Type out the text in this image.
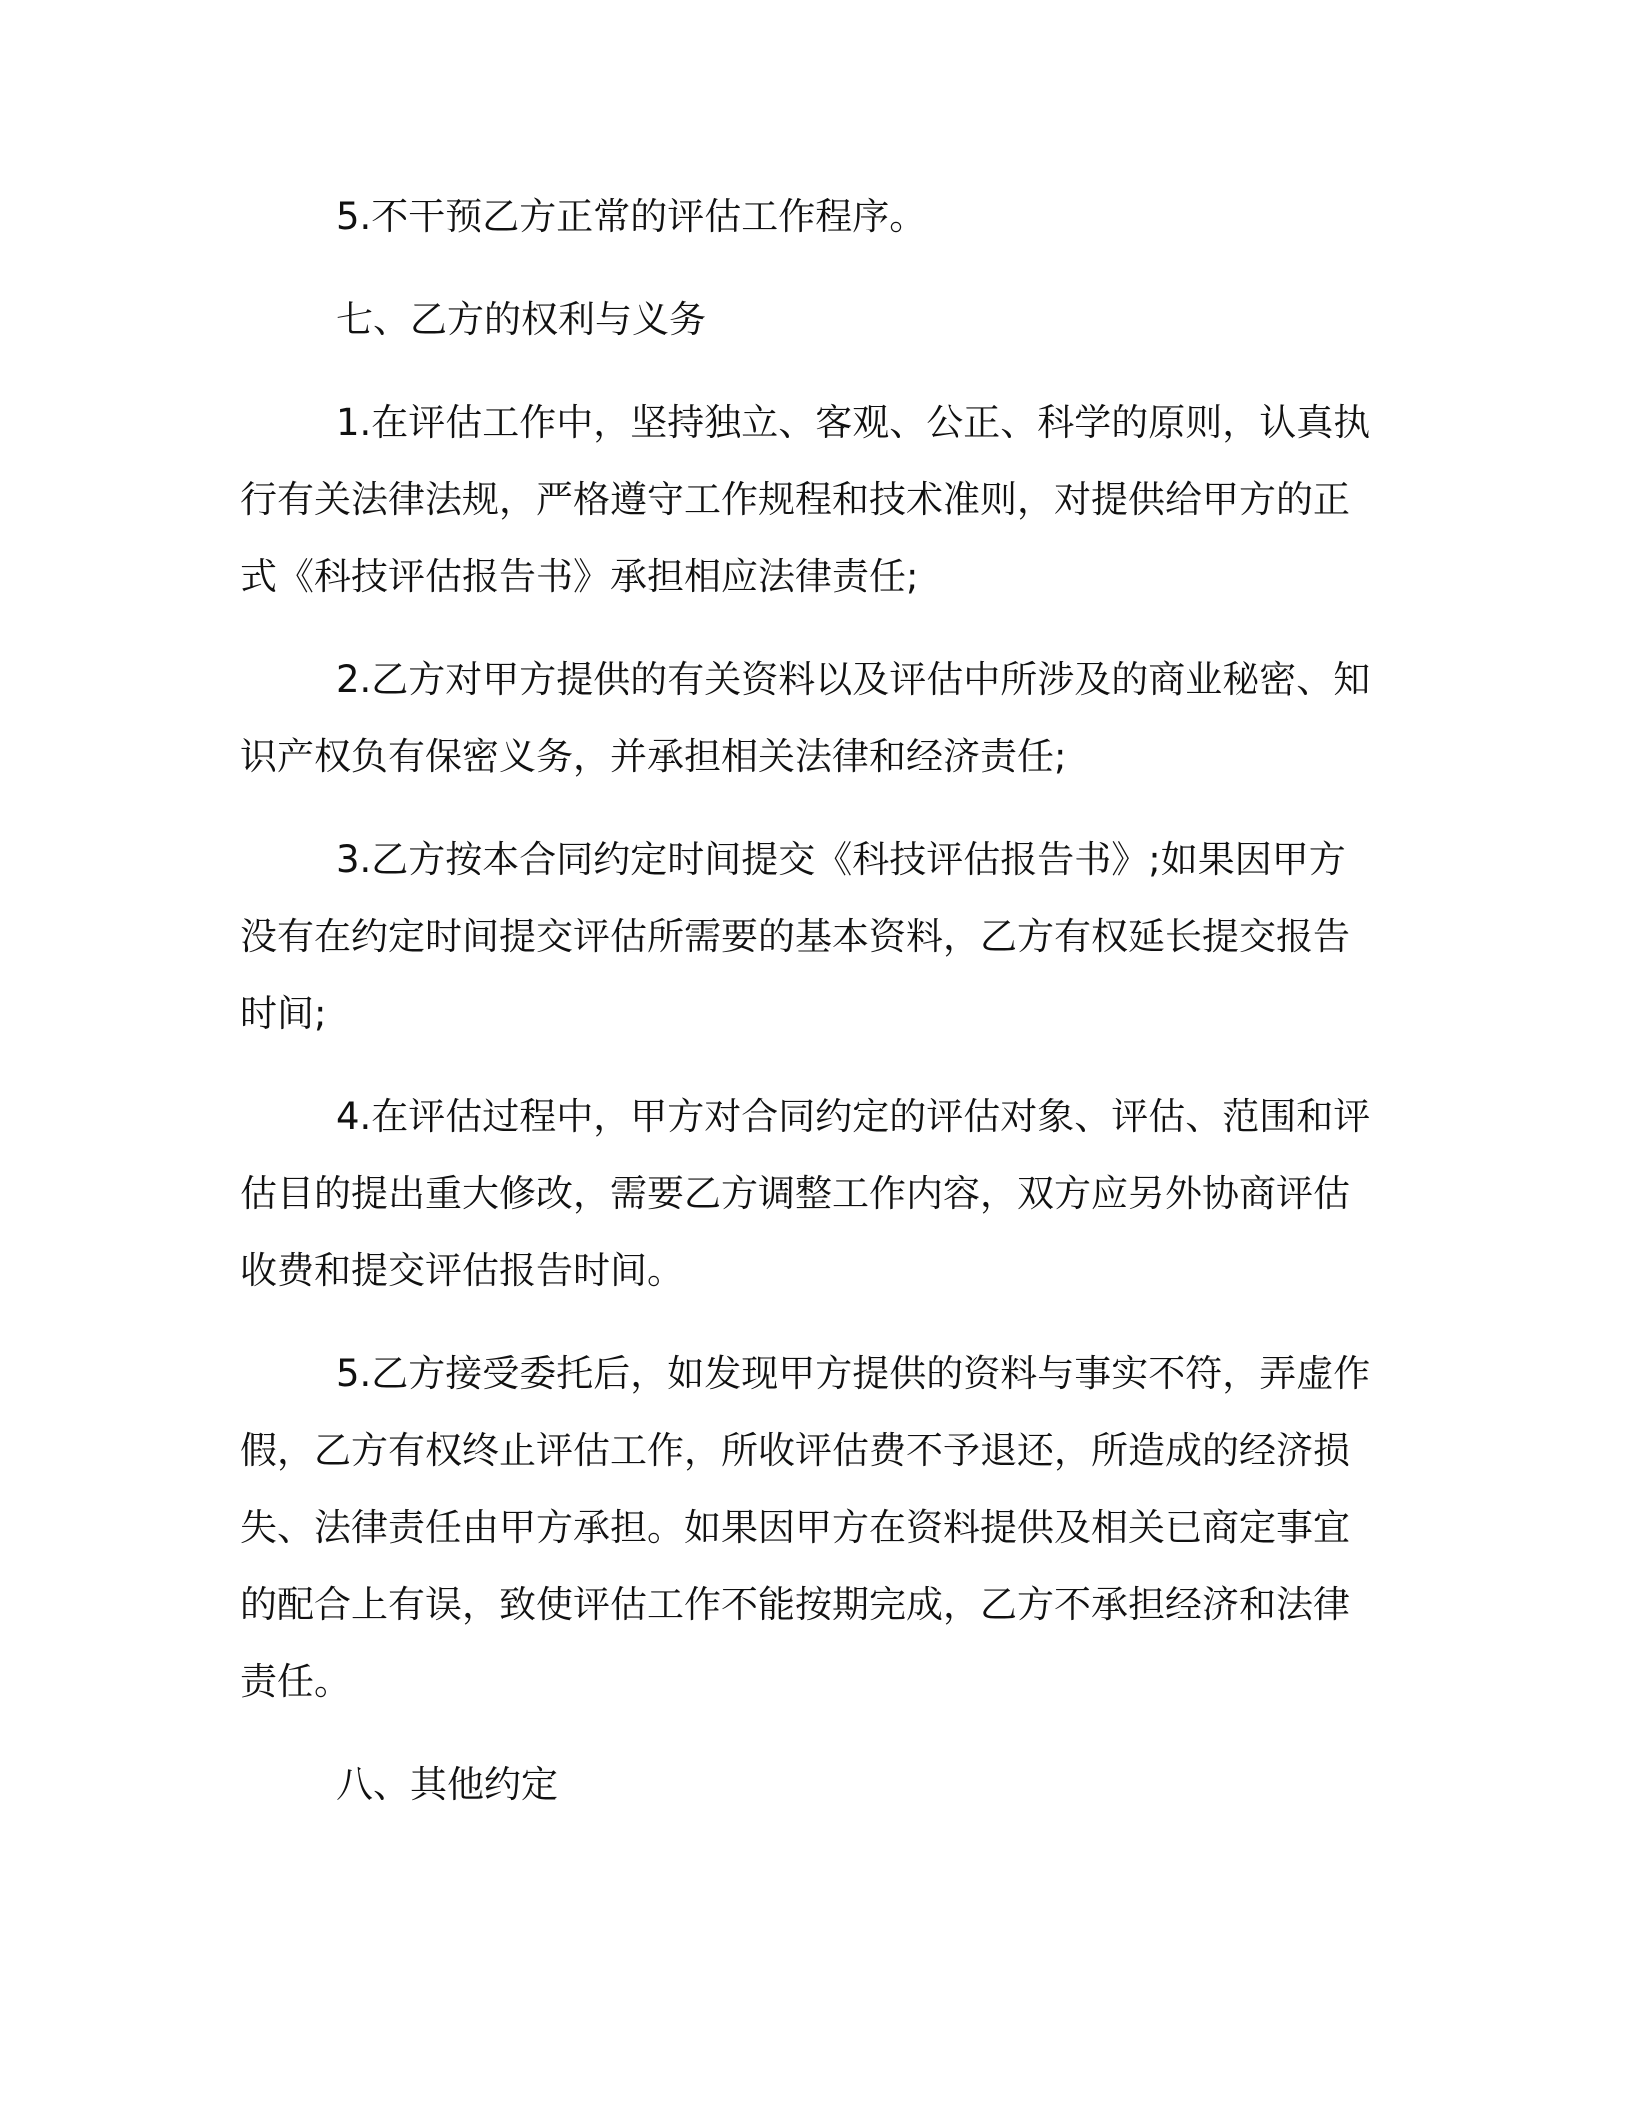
5.不干预乙方正常的评估工作程序。

七、乙方的权利与义务

1.在评估工作中，坚持独立、客观、公正、科学的原则，认真执行有关法律法规，严格遵守工作规程和技术准则，对提供给甲方的正式《科技评估报告书》承担相应法律责任;

2.乙方对甲方提供的有关资料以及评估中所涉及的商业秘密、知识产权负有保密义务，并承担相关法律和经济责任;

3.乙方按本合同约定时间提交《科技评估报告书》;如果因甲方没有在约定时间提交评估所需要的基本资料，乙方有权延长提交报告时间;

4.在评估过程中，甲方对合同约定的评估对象、评估、范围和评估目的提出重大修改，需要乙方调整工作内容，双方应另外协商评估收费和提交评估报告时间。

5.乙方接受委托后，如发现甲方提供的资料与事实不符，弄虚作假，乙方有权终止评估工作，所收评估费不予退还，所造成的经济损失、法律责任由甲方承担。如果因甲方在资料提供及相关已商定事宜的配合上有误，致使评估工作不能按期完成，乙方不承担经济和法律责任。

八、其他约定
